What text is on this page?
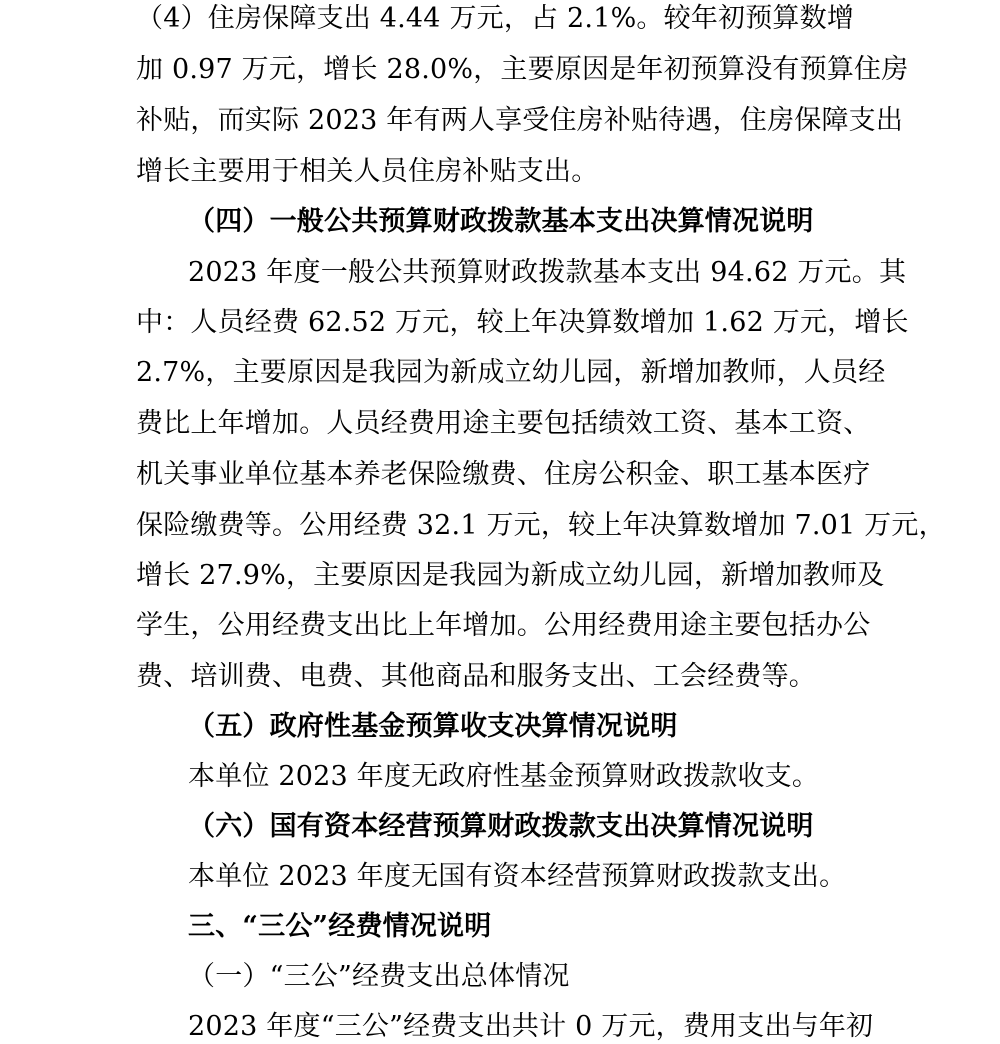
（4）住房保障支出 4.44 万元，占 2.1%。较年初预算数增
加 0.97 万元，增长 28.0%，主要原因是年初预算没有预算住房
补贴，而实际 2023 年有两人享受住房补贴待遇，住房保障支出
增长主要用于相关人员住房补贴支出。
（四）一般公共预算财政拨款基本支出决算情况说明
2023 年度一般公共预算财政拨款基本支出 94.62 万元。其
中：人员经费 62.52 万元，较上年决算数增加 1.62 万元，增长
2.7%，主要原因是我园为新成立幼儿园，新增加教师，人员经
费比上年增加。人员经费用途主要包括绩效工资、基本工资、
机关事业单位基本养老保险缴费、住房公积金、职工基本医疗
保险缴费等。公用经费 32.1 万元，较上年决算数增加 7.01 万元，
增长 27.9%，主要原因是我园为新成立幼儿园，新增加教师及
学生，公用经费支出比上年增加。公用经费用途主要包括办公
费、培训费、电费、其他商品和服务支出、工会经费等。
（五）政府性基金预算收支决算情况说明
本单位 2023 年度无政府性基金预算财政拨款收支。
（六）国有资本经营预算财政拨款支出决算情况说明
本单位 2023 年度无国有资本经营预算财政拨款支出。
三、“三公”经费情况说明
（一）“三公”经费支出总体情况
2023 年度“三公”经费支出共计 0 万元，费用支出与年初
